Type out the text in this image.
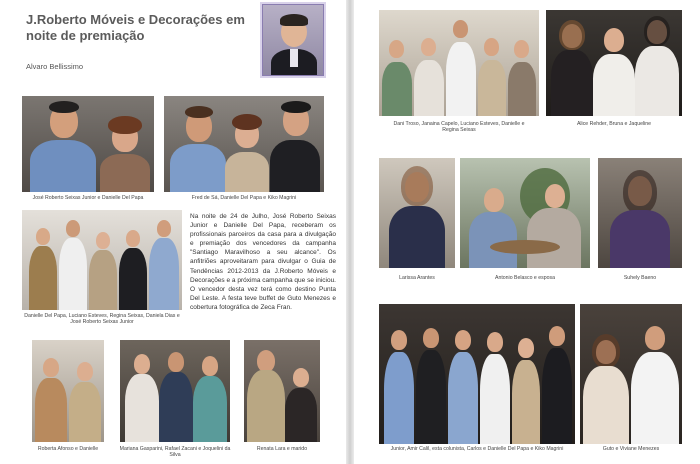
J.Roberto Móveis e Decorações em noite de premiação
Alvaro Bellissimo
José Roberto Seixas Junior e Danielle Del Papa	Fred de Sá, Danielle Del Papa e Kiko Magrini
Danielle Del Papa, Luciano Esteves, Regina Seixas, Daniela Dias e José Roberto Seixas Junior

Na noite de 24 de Julho, José Roberto Seixas Junior e Danielle Del Papa, receberam os profissionais parceiros da casa para a divulgação e premiação dos vencedores da campanha "Santiago Maravilhoso a seu alcance". Os anfitriões aproveitaram para divulgar o Guia de Tendências 2012-2013 da J.Roberto Móveis e Decorações e a próxima campanha que se iniciou. O vencedor desta vez terá como destino Punta Del Leste. A festa teve buffet de Guto Menezes e cobertura fotográfica de Zeca Fran.

Roberta Afonso e Danielle	Mariana Gasparini, Rafael Zacani e Joquelini da Silva
Renata Lara e marido
Dani Troso, Janaina Capelo, Luciano Esteves, Danielle e Regina Seixas
Alice Rehder, Bruna e Jaqueline
Larissa Arantes	Antonio Belasco e esposa	Suhely Baeno
Junior, Amir Calil, esta colunista, Carlos e Danielle Del Papa e Kiko Magrini	Guto e Viviane Menezes
